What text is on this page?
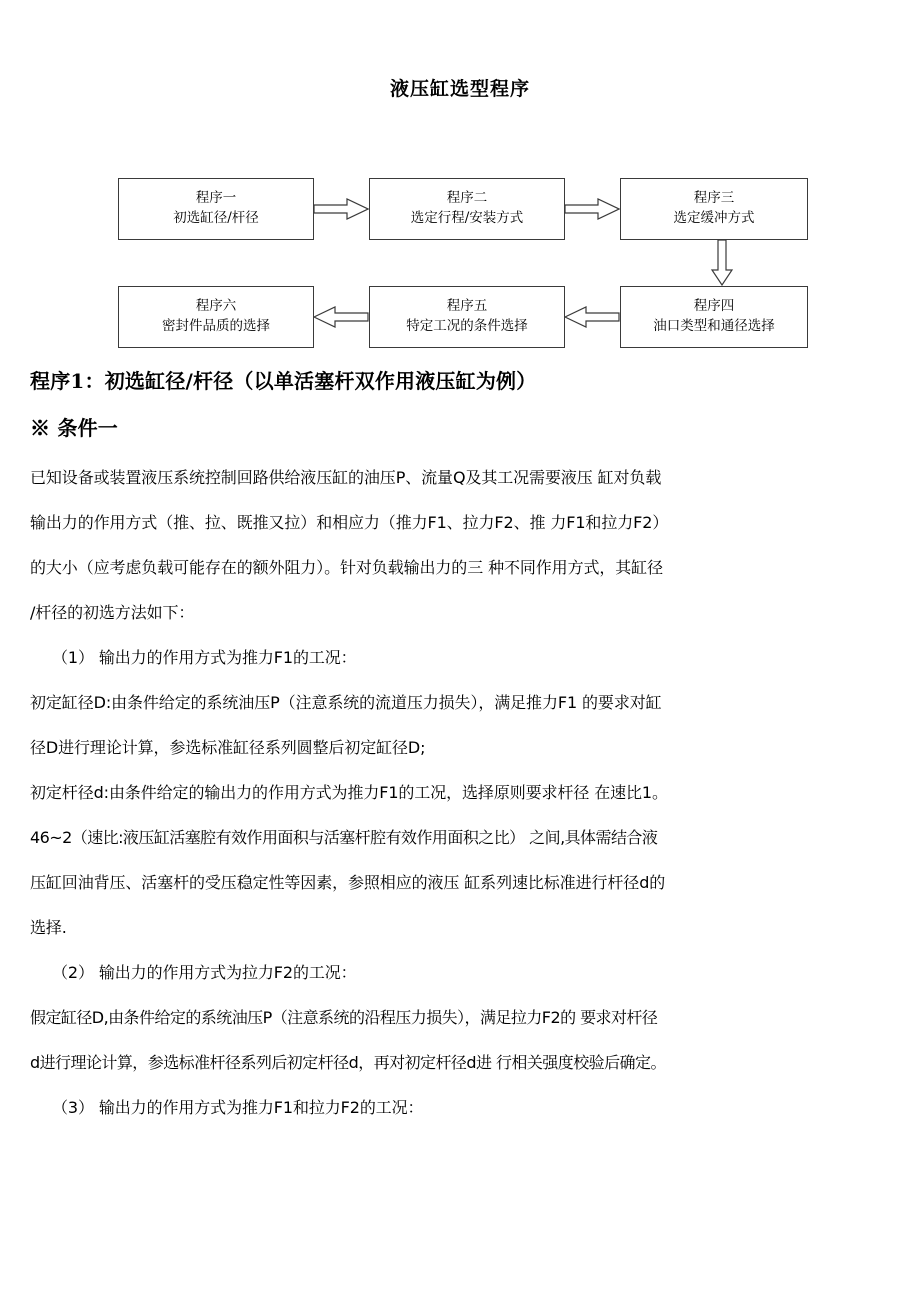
液压缸选型程序
程序一
初选缸径/杆径
程序二
选定行程/安装方式
程序三
选定缓冲方式
程序六
密封件品质的选择
程序五
特定工况的条件选择
程序四
油口类型和通径选择
程序1：初选缸径/杆径（以单活塞杆双作用液压缸为例）
※ 条件一
已知设备或装置液压系统控制回路供给液压缸的油压P、流量Q及其工况需要液压 缸对负载
输出力的作用方式（推、拉、既推又拉）和相应力（推力F1、拉力F2、推 力F1和拉力F2）
的大小（应考虑负载可能存在的额外阻力）。针对负载输出力的三 种不同作用方式，其缸径
/杆径的初选方法如下：
（1） 输出力的作用方式为推力F1的工况：
初定缸径D:由条件给定的系统油压P（注意系统的流道压力损失），满足推力F1 的要求对缸
径D进行理论计算，参选标准缸径系列圆整后初定缸径D;
初定杆径d:由条件给定的输出力的作用方式为推力F1的工况，选择原则要求杆径 在速比1。
46~2（速比:液压缸活塞腔有效作用面积与活塞杆腔有效作用面积之比） 之间,具体需结合液
压缸回油背压、活塞杆的受压稳定性等因素，参照相应的液压 缸系列速比标准进行杆径d的
选择.
（2） 输出力的作用方式为拉力F2的工况：
假定缸径D,由条件给定的系统油压P（注意系统的沿程压力损失），满足拉力F2的 要求对杆径
d进行理论计算，参选标准杆径系列后初定杆径d，再对初定杆径d进 行相关强度校验后确定。
（3） 输出力的作用方式为推力F1和拉力F2的工况：
